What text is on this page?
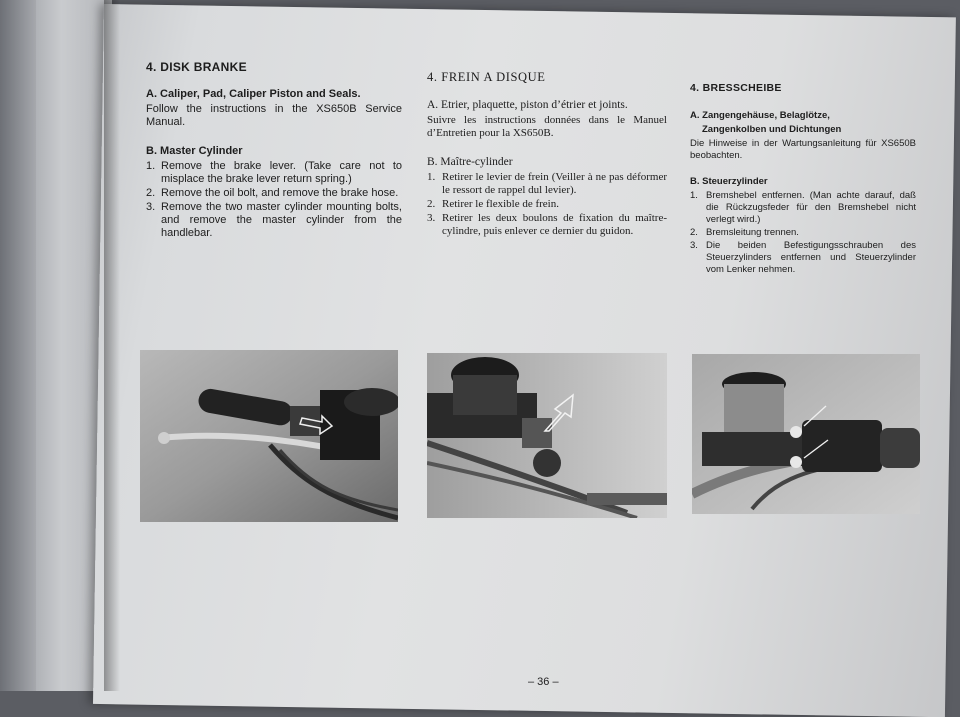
4. DISK BRANKE
A. Caliper, Pad, Caliper Piston and Seals.
Follow the instructions in the XS650B Service Manual.
B. Master Cylinder
1. Remove the brake lever. (Take care not to misplace the brake lever return spring.)
2. Remove the oil bolt, and remove the brake hose.
3. Remove the two master cylinder mounting bolts, and remove the master cylinder from the handlebar.
4. FREIN A DISQUE
A. Etrier, plaquette, piston d’étrier et joints.
Suivre les instructions données dans le Manuel d’Entretien pour la XS650B.
B. Maître-cylinder
1. Retirer le levier de frein (Veiller à ne pas déformer le ressort de rappel dul levier).
2. Retirer le flexible de frein.
3. Retirer les deux boulons de fixation du maître-cylindre, puis enlever ce dernier du guidon.
4. BRESSCHEIBE
A. Zangengehäuse, Belaglötze,
Zangenkolben und Dichtungen
Die Hinweise in der Wartungsanleitung für XS650B beobachten.
B. Steuerzylinder
1. Bremshebel entfernen. (Man achte darauf, daß die Rückzugsfeder für den Bremshebel nicht verlegt wird.)
2. Bremsleitung trennen.
3. Die beiden Befestigungsschrauben des Steuerzylinders entfernen und Steuerzylinder vom Lenker nehmen.
– 36 –
